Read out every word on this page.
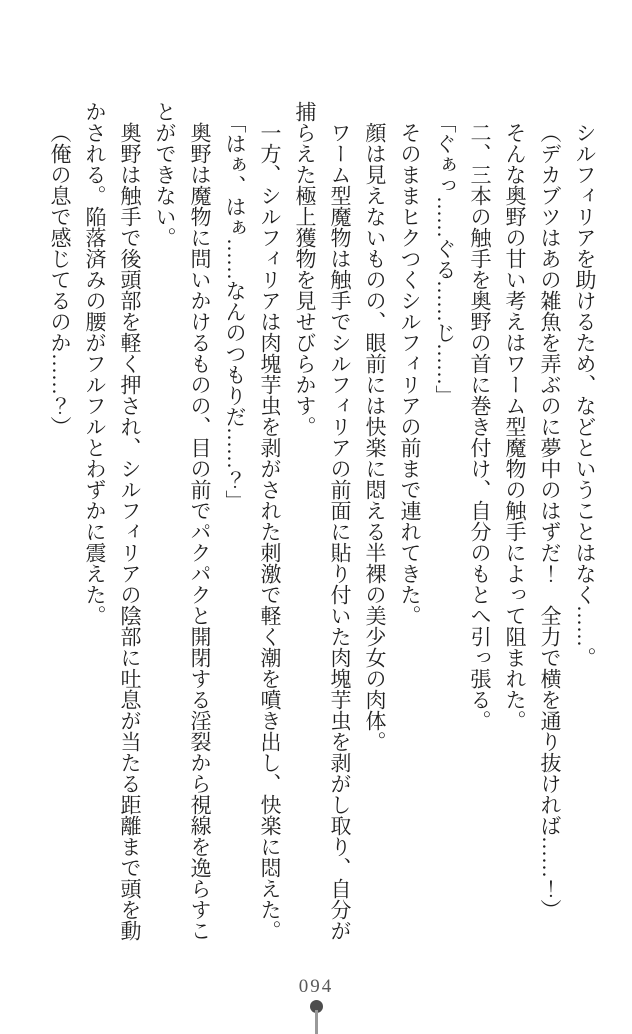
シルフィリアを助けるため、などということはなく……。

（デカブツはあの雑魚を弄ぶのに夢中のはずだ！　全力で横を通り抜ければ……！）

そんな奥野の甘い考えはワーム型魔物の触手によって阻まれた。

二、三本の触手を奥野の首に巻き付け、自分のもとへ引っ張る。

「ぐぁっ……ぐる……じ……」

そのままヒクつくシルフィリアの前まで連れてきた。

顔は見えないものの、眼前には快楽に悶える半裸の美少女の肉体。

ワーム型魔物は触手でシルフィリアの前面に貼り付いた肉塊芋虫を剥がし取り、自分が捕らえた極上獲物を見せびらかす。

一方、シルフィリアは肉塊芋虫を剥がされた刺激で軽く潮を噴き出し、快楽に悶えた。

「はぁ、はぁ……なんのつもりだ……？」

奥野は魔物に問いかけるものの、目の前でパクパクと開閉する淫裂から視線を逸らすことができない。

奥野は触手で後頭部を軽く押され、シルフィリアの陰部に吐息が当たる距離まで頭を動かされる。陥落済みの腰がフルフルとわずかに震えた。

（俺の息で感じてるのか……？）

094
